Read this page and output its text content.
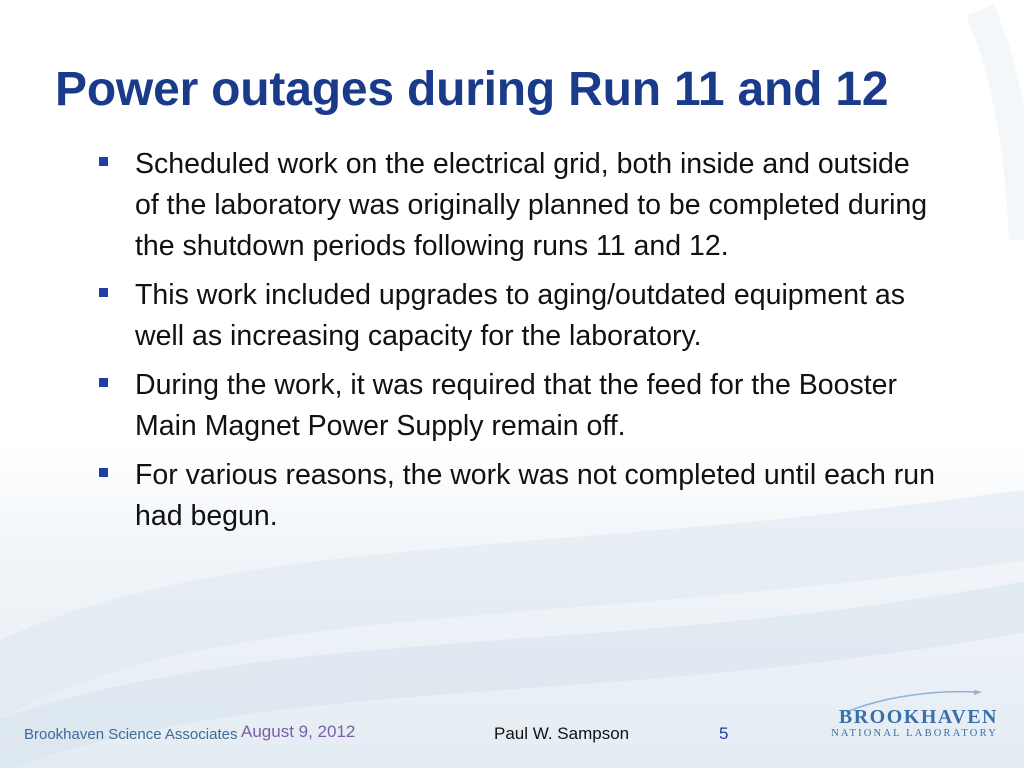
Power outages during Run 11 and 12
Scheduled work on the electrical grid, both inside and outside of the laboratory was originally planned to be completed during the shutdown periods following runs 11 and 12.
This work included upgrades to aging/outdated equipment as well as increasing capacity for the laboratory.
During the work, it was required that the feed for the Booster Main Magnet Power Supply remain off.
For various reasons, the work was not completed until each run had begun.
Brookhaven Science Associates August 9, 2012	Paul W. Sampson	5
BROOKHAVEN
NATIONAL LABORATORY
